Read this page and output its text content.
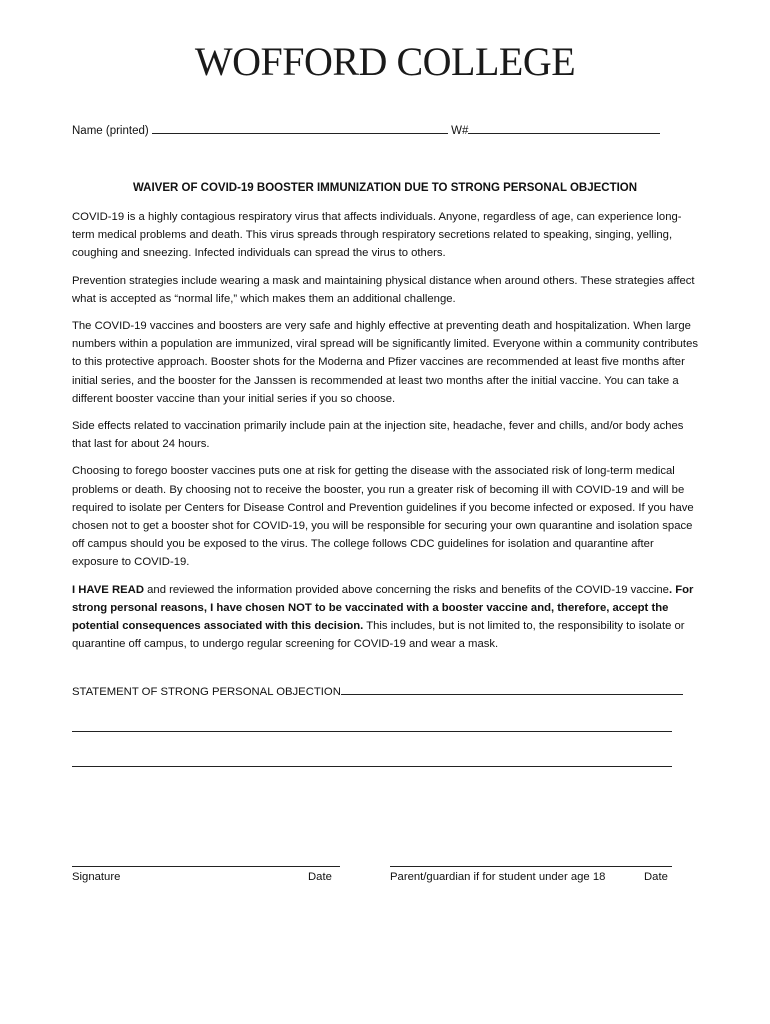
WOFFORD COLLEGE
Name (printed)	W#
WAIVER OF COVID-19 BOOSTER IMMUNIZATION DUE TO STRONG PERSONAL OBJECTION

COVID-19 is a highly contagious respiratory virus that affects individuals. Anyone, regardless of age, can experience long-term medical problems and death. This virus spreads through respiratory secretions related to speaking, singing, yelling, coughing and sneezing. Infected individuals can spread the virus to others.

Prevention strategies include wearing a mask and maintaining physical distance when around others. These strategies affect what is accepted as “normal life,” which makes them an additional challenge.

The COVID-19 vaccines and boosters are very safe and highly effective at preventing death and hospitalization. When large numbers within a population are immunized, viral spread will be significantly limited. Everyone within a community contributes to this protective approach. Booster shots for the Moderna and Pfizer vaccines are recommended at least five months after initial series, and the booster for the Janssen is recommended at least two months after the initial vaccine. You can take a different booster vaccine than your initial series if you so choose.

Side effects related to vaccination primarily include pain at the injection site, headache, fever and chills, and/or body aches that last for about 24 hours.

Choosing to forego booster vaccines puts one at risk for getting the disease with the associated risk of long-term medical problems or death. By choosing not to receive the booster, you run a greater risk of becoming ill with COVID-19 and will be required to isolate per Centers for Disease Control and Prevention guidelines if you become infected or exposed. If you have chosen not to get a booster shot for COVID-19, you will be responsible for securing your own quarantine and isolation space off campus should you be exposed to the virus. The college follows CDC guidelines for isolation and quarantine after exposure to COVID-19.

I HAVE READ and reviewed the information provided above concerning the risks and benefits of the COVID-19 vaccine. For strong personal reasons, I have chosen NOT to be vaccinated with a booster vaccine and, therefore, accept the potential consequences associated with this decision. This includes, but is not limited to, the responsibility to isolate or quarantine off campus, to undergo regular screening for COVID-19 and wear a mask.

STATEMENT OF STRONG PERSONAL OBJECTION
Signature	Date	Parent/guardian if for student under age 18	Date
